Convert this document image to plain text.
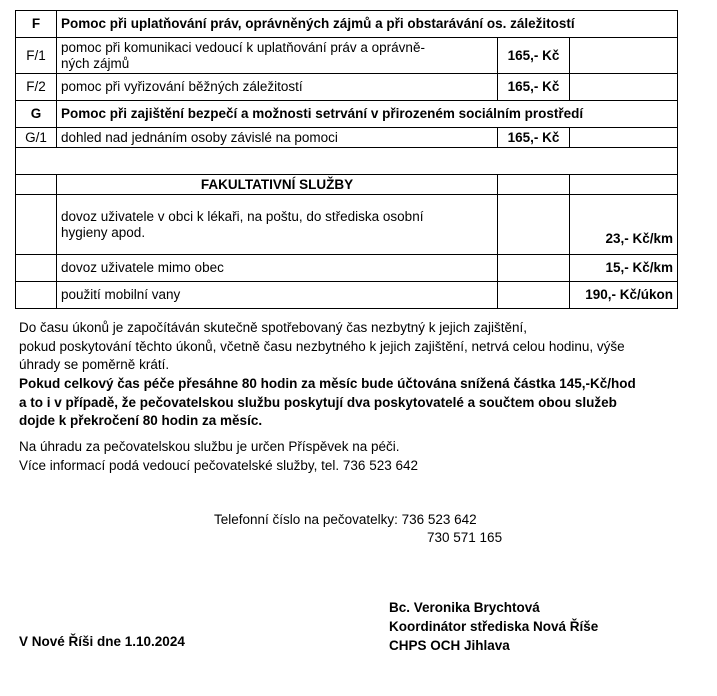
F	Pomoc při uplatňování práv, oprávněných zájmů a při obstarávání os. záležitostí		
F/1	pomoc při komunikaci vedoucí k uplatňování práv a oprávně-
ných zájmů	165,- Kč	
F/2	pomoc při vyřizování běžných záležitostí	165,- Kč	
G	Pomoc při zajištění bezpečí a možnosti setrvání v přirozeném sociálním prostředí		
G/1	dohled nad jednáním osoby závislé na pomoci	165,- Kč	

	FAKULTATIVNÍ SLUŽBY		

	dovoz uživatele v obci k lékaři, na poštu, do střediska osobní
hygieny apod.		23,- Kč/km
	dovoz uživatele mimo obec		15,- Kč/km
	použití mobilní vany		190,- Kč/úkon
Do času úkonů je započítáván skutečně spotřebovaný čas nezbytný k jejich zajištění,
pokud poskytování těchto úkonů, včetně času nezbytného k jejich zajištění, netrvá celou hodinu, výše
úhrady se poměrně krátí.
Pokud celkový čas péče přesáhne 80 hodin za měsíc bude účtována snížená částka 145,-Kč/hod
a to i v případě, že pečovatelskou službu poskytují dva poskytovatelé a součtem obou služeb
dojde k překročení 80 hodin za měsíc.
Na úhradu za pečovatelskou službu je určen Příspěvek na péči.
Více informací podá vedoucí pečovatelské služby, tel. 736 523 642
Telefonní číslo na pečovatelky: 736 523 642
730 571 165
Bc. Veronika Brychtová
Koordinátor střediska Nová Říše
CHPS OCH Jihlava
V Nové Říši dne 1.10.2024
